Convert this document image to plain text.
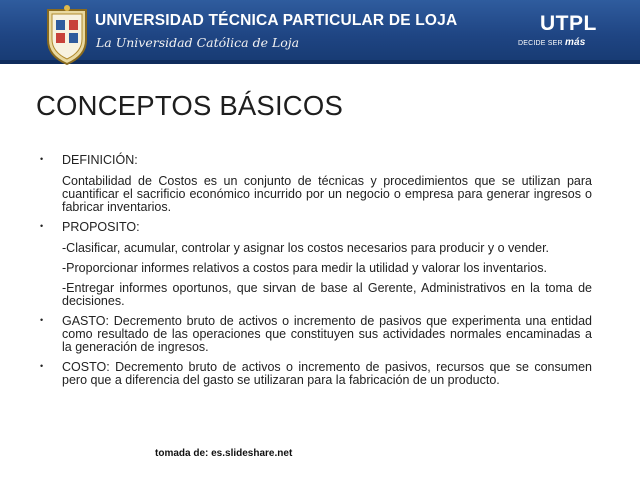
UNIVERSIDAD TÉCNICA PARTICULAR DE LOJA
La Universidad Católica de Loja
UTPL
DECIDE SER más
CONCEPTOS BÁSICOS
• DEFINICIÓN:
Contabilidad de Costos es un conjunto de técnicas y procedimientos que se utilizan para cuantificar el sacrificio económico incurrido por un negocio o empresa para generar ingresos o fabricar inventarios.
• PROPOSITO:
-Clasificar, acumular, controlar y asignar los costos necesarios para producir y o vender.
-Proporcionar informes relativos a costos para medir la utilidad y valorar los inventarios.
-Entregar informes oportunos, que sirvan de base al Gerente, Administrativos en la toma de decisiones.
• GASTO: Decremento bruto de activos o incremento de pasivos que experimenta una entidad como resultado de las operaciones que constituyen sus actividades normales encaminadas a la generación de ingresos.
• COSTO: Decremento bruto de activos o incremento de pasivos, recursos que se consumen pero que a diferencia del gasto se utilizaran para la fabricación de un producto.
tomada de: es.slideshare.net
